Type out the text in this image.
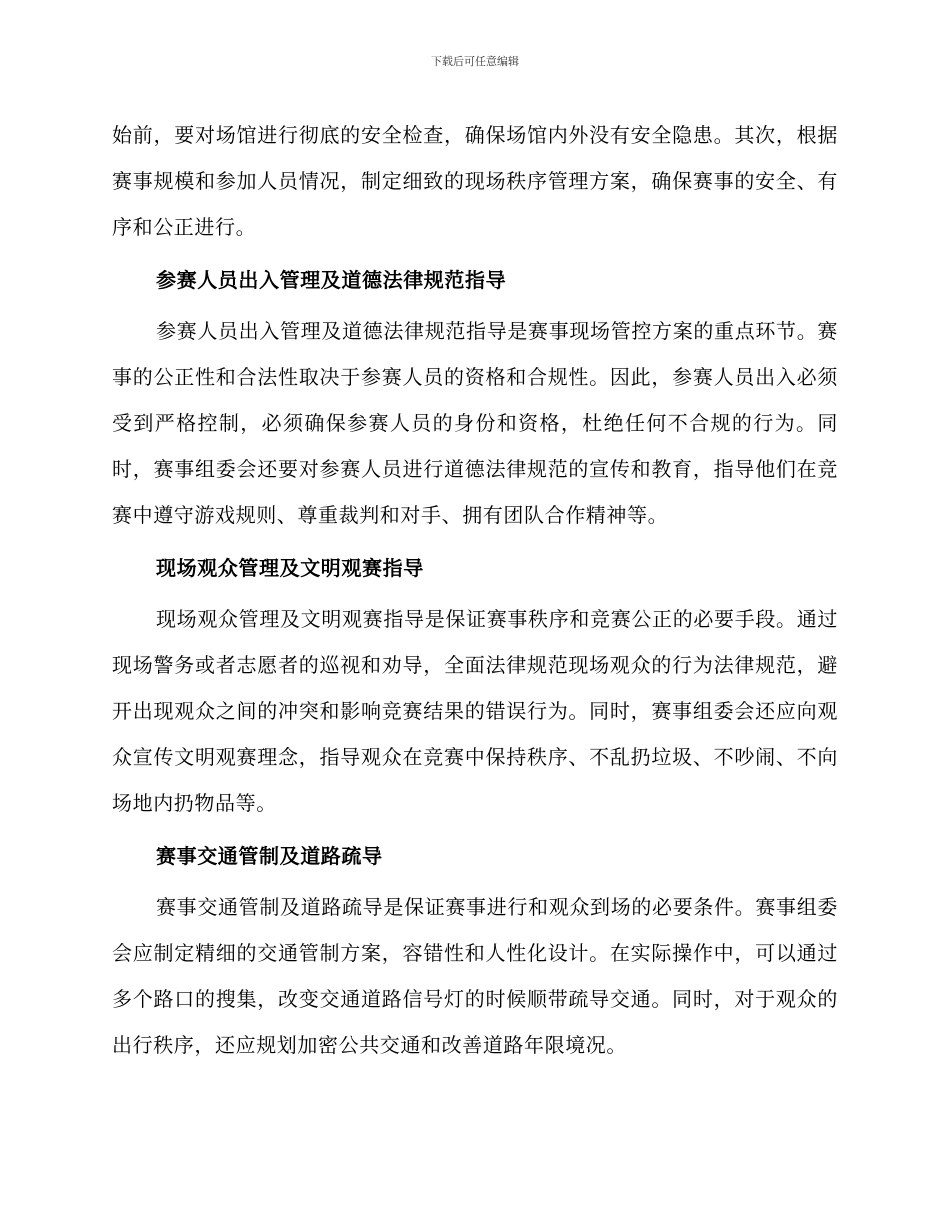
下载后可任意编辑

始前，要对场馆进行彻底的安全检查，确保场馆内外没有安全隐患。其次，根据赛事规模和参加人员情况，制定细致的现场秩序管理方案，确保赛事的安全、有序和公正进行。

参赛人员出入管理及道德法律规范指导

参赛人员出入管理及道德法律规范指导是赛事现场管控方案的重点环节。赛事的公正性和合法性取决于参赛人员的资格和合规性。因此，参赛人员出入必须受到严格控制，必须确保参赛人员的身份和资格，杜绝任何不合规的行为。同时，赛事组委会还要对参赛人员进行道德法律规范的宣传和教育，指导他们在竞赛中遵守游戏规则、尊重裁判和对手、拥有团队合作精神等。

现场观众管理及文明观赛指导

现场观众管理及文明观赛指导是保证赛事秩序和竞赛公正的必要手段。通过现场警务或者志愿者的巡视和劝导，全面法律规范现场观众的行为法律规范，避开出现观众之间的冲突和影响竞赛结果的错误行为。同时，赛事组委会还应向观众宣传文明观赛理念，指导观众在竞赛中保持秩序、不乱扔垃圾、不吵闹、不向场地内扔物品等。

赛事交通管制及道路疏导

赛事交通管制及道路疏导是保证赛事进行和观众到场的必要条件。赛事组委会应制定精细的交通管制方案，容错性和人性化设计。在实际操作中，可以通过多个路口的搜集，改变交通道路信号灯的时候顺带疏导交通。同时，对于观众的出行秩序，还应规划加密公共交通和改善道路年限境况。
